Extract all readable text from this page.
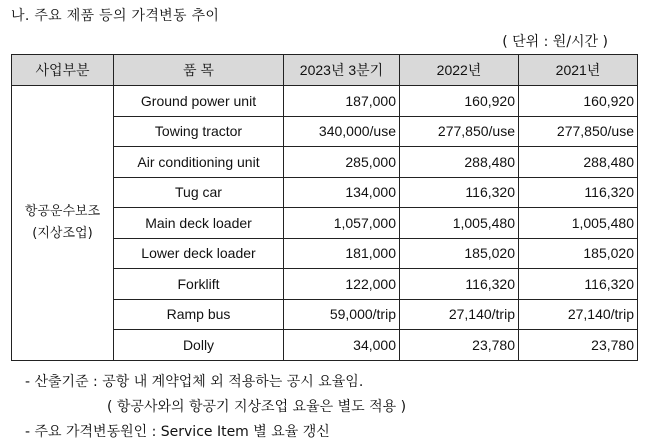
나. 주요 제품 등의 가격변동 추이
( 단위 : 원/시간 )
사업부분	품 목	2023년 3분기	2022년	2021년

항공운수보조
(지상조업)	Ground power unit	187,000	160,920	160,920
	Towing tractor	340,000/use	277,850/use	277,850/use
	Air conditioning unit	285,000	288,480	288,480
	Tug car	134,000	116,320	116,320
	Main deck loader	1,057,000	1,005,480	1,005,480
	Lower deck loader	181,000	185,020	185,020
	Forklift	122,000	116,320	116,320
	Ramp bus	59,000/trip	27,140/trip	27,140/trip
	Dolly	34,000	23,780	23,780
- 산출기준 : 공항 내 계약업체 외 적용하는 공시 요율임.
( 항공사와의 항공기 지상조업 요율은 별도 적용 )
- 주요 가격변동원인 : Service Item 별 요율 갱신
